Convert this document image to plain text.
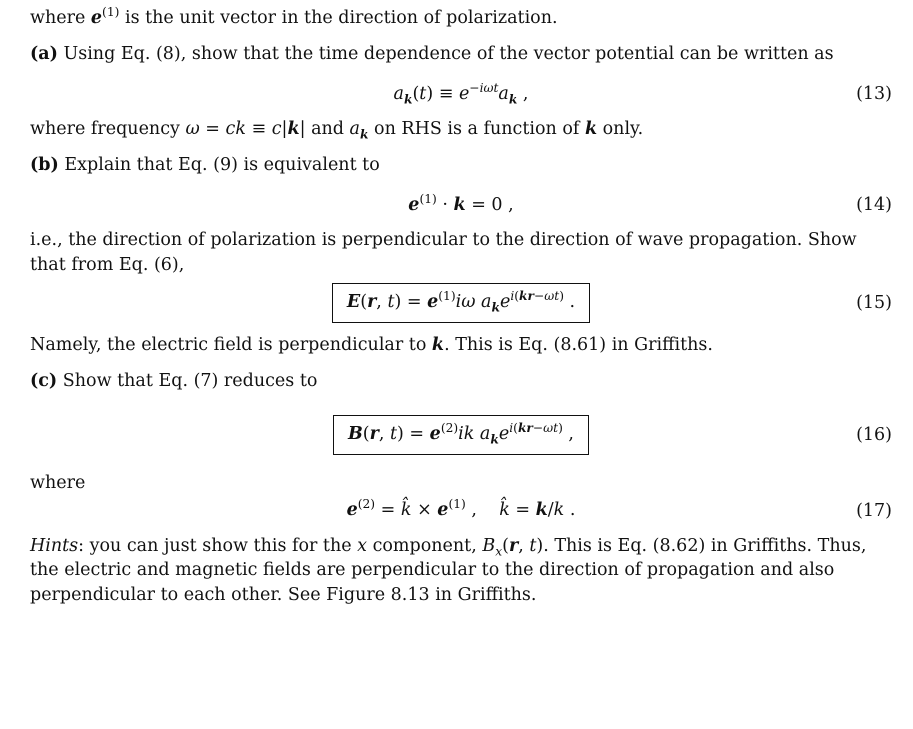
where $e^{(1)}$ is the unit vector in the direction of polarization.

(a) Using Eq. (8), show that the time dependence of the vector potential can be written as

$a_k(t) \equiv e^{-i\omega t}a_k$ ,	(13)

where frequency ω = ck ≡ c|k| and $a_k$ on RHS is a function of k only.

(b) Explain that Eq. (9) is equivalent to

$e^{(1)} \cdot k = 0$ ,	(14)

i.e., the direction of polarization is perpendicular to the direction of wave propagation. Show that from Eq. (6),

E(r, $t) = e^{(1)}i\omega$ $a_ke^{i(kr-\omega t)}$ .	(15)

Namely, the electric field is perpendicular to k. This is Eq. (8.61) in Griffiths.

(c) Show that Eq. (7) reduces to

B(r, $t) = e^{(2)}ik$ $a_ke^{i(kr-\omega t)}$ ,	(16)

where

$e^{(2)}$ = k̂ × $e^{(1)}$ ,    k̂ = k/k .	(17)

Hints: you can just show this for the x component, $B_x(r$, t). This is Eq. (8.62) in Griffiths. Thus, the electric and magnetic fields are perpendicular to the direction of propagation and also perpendicular to each other. See Figure 8.13 in Griffiths.
